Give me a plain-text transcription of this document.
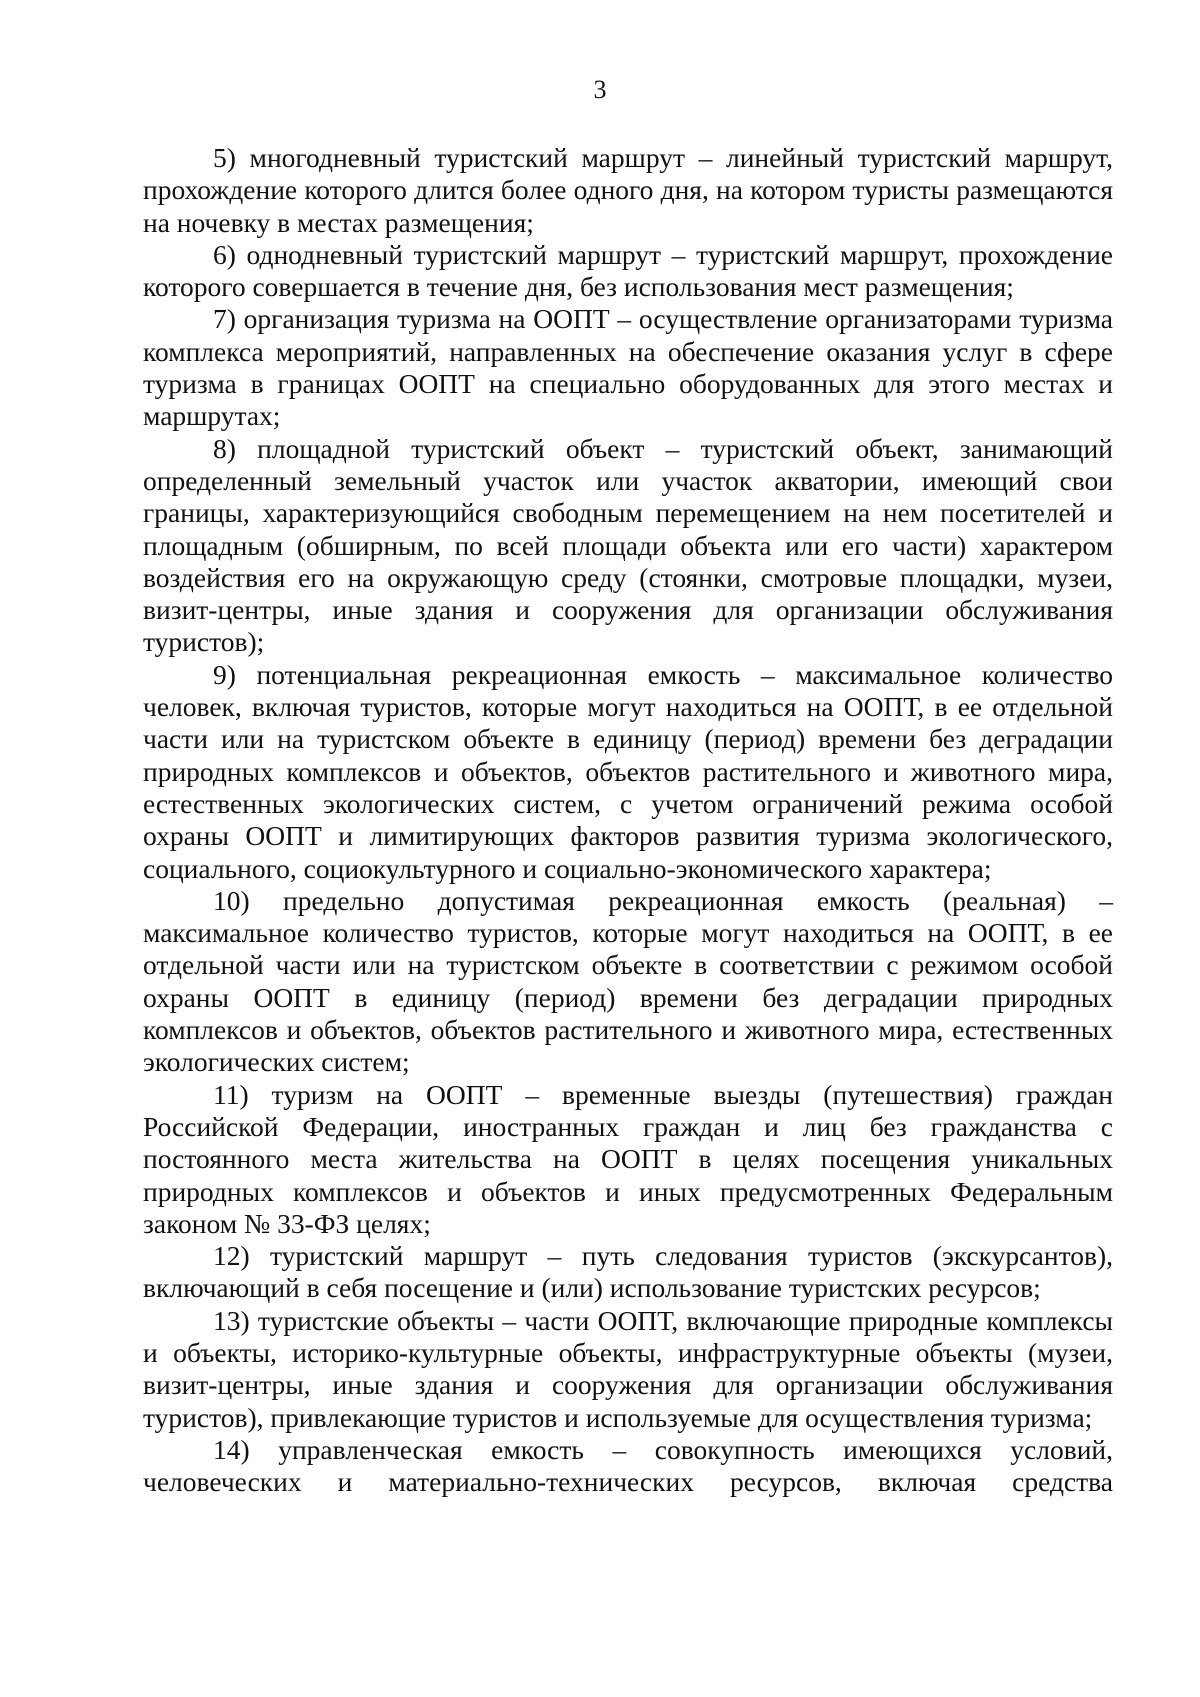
3

5) многодневный туристский маршрут – линейный туристский маршрут, прохождение которого длится более одного дня, на котором туристы размещаются на ночевку в местах размещения;

6) однодневный туристский маршрут – туристский маршрут, прохождение которого совершается в течение дня, без использования мест размещения;

7) организация туризма на ООПТ – осуществление организаторами туризма комплекса мероприятий, направленных на обеспечение оказания услуг в сфере туризма в границах ООПТ на специально оборудованных для этого местах и маршрутах;

8) площадной туристский объект – туристский объект, занимающий определенный земельный участок или участок акватории, имеющий свои границы, характеризующийся свободным перемещением на нем посетителей и площадным (обширным, по всей площади объекта или его части) характером воздействия его на окружающую среду (стоянки, смотровые площадки, музеи, визит-центры, иные здания и сооружения для организации обслуживания туристов);

9) потенциальная рекреационная емкость – максимальное количество человек, включая туристов, которые могут находиться на ООПТ, в ее отдельной части или на туристском объекте в единицу (период) времени без деградации природных комплексов и объектов, объектов растительного и животного мира, естественных экологических систем, с учетом ограничений режима особой охраны ООПТ и лимитирующих факторов развития туризма экологического, социального, социокультурного и социально-экономического характера;

10) предельно допустимая рекреационная емкость (реальная) – максимальное количество туристов, которые могут находиться на ООПТ, в ее отдельной части или на туристском объекте в соответствии с режимом особой охраны ООПТ в единицу (период) времени без деградации природных комплексов и объектов, объектов растительного и животного мира, естественных экологических систем;

11) туризм на ООПТ – временные выезды (путешествия) граждан Российской Федерации, иностранных граждан и лиц без гражданства с постоянного места жительства на ООПТ в целях посещения уникальных природных комплексов и объектов и иных предусмотренных Федеральным законом № 33-ФЗ целях;

12) туристский маршрут – путь следования туристов (экскурсантов), включающий в себя посещение и (или) использование туристских ресурсов;

13) туристские объекты – части ООПТ, включающие природные комплексы и объекты, историко-культурные объекты, инфраструктурные объекты (музеи, визит-центры, иные здания и сооружения для организации обслуживания туристов), привлекающие туристов и используемые для осуществления туризма;

14) управленческая емкость – совокупность имеющихся условий, человеческих и материально-технических ресурсов, включая средства
